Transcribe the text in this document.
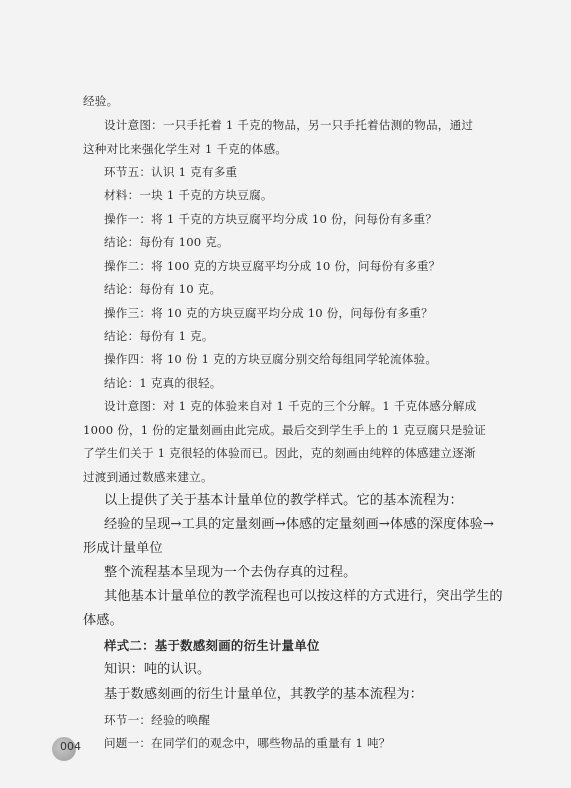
经验。
设计意图：一只手托着 1 千克的物品，另一只手托着估测的物品，通过
这种对比来强化学生对 1 千克的体感。
环节五：认识 1 克有多重
材料：一块 1 千克的方块豆腐。
操作一：将 1 千克的方块豆腐平均分成 10 份，问每份有多重？
结论：每份有 100 克。
操作二：将 100 克的方块豆腐平均分成 10 份，问每份有多重？
结论：每份有 10 克。
操作三：将 10 克的方块豆腐平均分成 10 份，问每份有多重？
结论：每份有 1 克。
操作四：将 10 份 1 克的方块豆腐分别交给每组同学轮流体验。
结论：1 克真的很轻。
设计意图：对 1 克的体验来自对 1 千克的三个分解。1 千克体感分解成
1000 份，1 份的定量刻画由此完成。最后交到学生手上的 1 克豆腐只是验证
了学生们关于 1 克很轻的体验而已。因此，克的刻画由纯粹的体感建立逐渐
过渡到通过数感来建立。
以上提供了关于基本计量单位的教学样式。它的基本流程为：
经验的呈现→工具的定量刻画→体感的定量刻画→体感的深度体验→
形成计量单位
整个流程基本呈现为一个去伪存真的过程。
其他基本计量单位的教学流程也可以按这样的方式进行，突出学生的
体感。
样式二：基于数感刻画的衍生计量单位
知识：吨的认识。
基于数感刻画的衍生计量单位，其教学的基本流程为：
环节一：经验的唤醒
问题一：在同学们的观念中，哪些物品的重量有 1 吨？
004
